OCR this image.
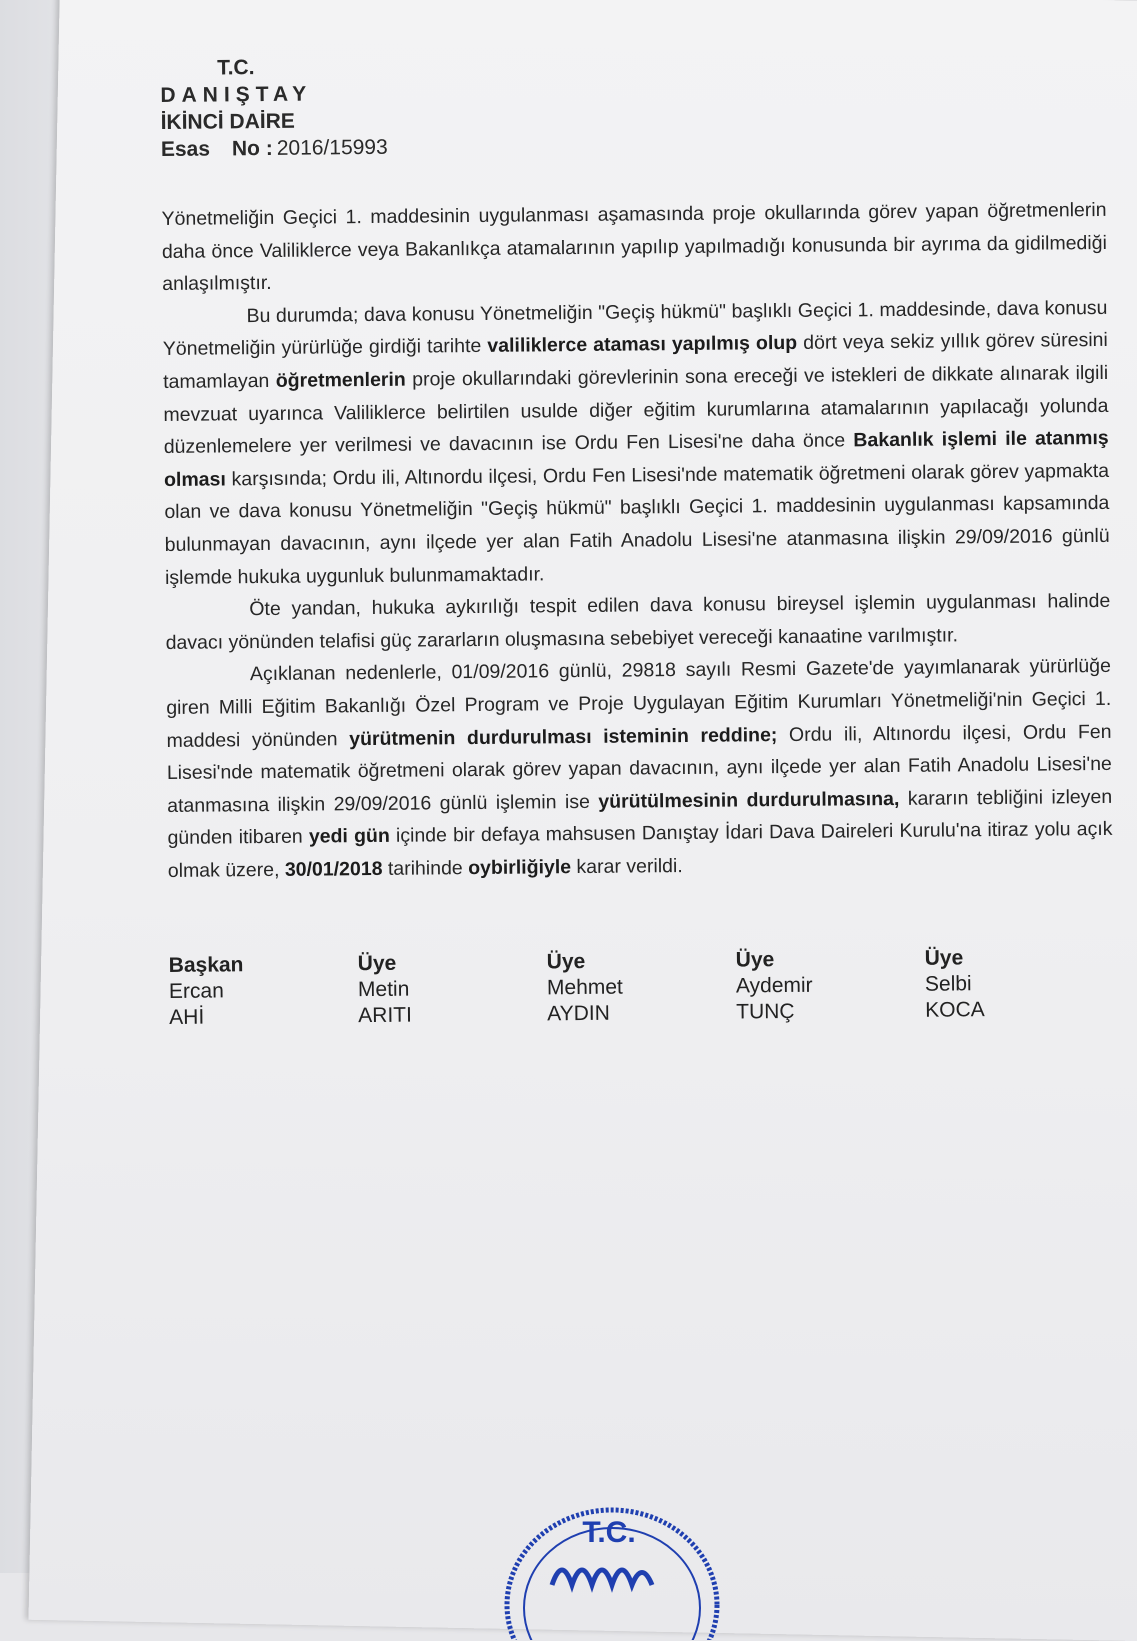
T.C.
DANIŞTAY
İKİNCİ DAİRE
Esas No : 2016/15993

Yönetmeliğin Geçici 1. maddesinin uygulanması aşamasında proje okullarında görev yapan öğretmenlerin daha önce Valiliklerce veya Bakanlıkça atamalarının yapılıp yapılmadığı konusunda bir ayrıma da gidilmediği anlaşılmıştır.

Bu durumda; dava konusu Yönetmeliğin "Geçiş hükmü" başlıklı Geçici 1. maddesinde, dava konusu Yönetmeliğin yürürlüğe girdiği tarihte valiliklerce ataması yapılmış olup dört veya sekiz yıllık görev süresini tamamlayan öğretmenlerin proje okullarındaki görevlerinin sona ereceği ve istekleri de dikkate alınarak ilgili mevzuat uyarınca Valiliklerce belirtilen usulde diğer eğitim kurumlarına atamalarının yapılacağı yolunda düzenlemelere yer verilmesi ve davacının ise Ordu Fen Lisesi'ne daha önce Bakanlık işlemi ile atanmış olması karşısında; Ordu ili, Altınordu ilçesi, Ordu Fen Lisesi'nde matematik öğretmeni olarak görev yapmakta olan ve dava konusu Yönetmeliğin "Geçiş hükmü" başlıklı Geçici 1. maddesinin uygulanması kapsamında bulunmayan davacının, aynı ilçede yer alan Fatih Anadolu Lisesi'ne atanmasına ilişkin 29/09/2016 günlü işlemde hukuka uygunluk bulunmamaktadır.

Öte yandan, hukuka aykırılığı tespit edilen dava konusu bireysel işlemin uygulanması halinde davacı yönünden telafisi güç zararların oluşmasına sebebiyet vereceği kanaatine varılmıştır.

Açıklanan nedenlerle, 01/09/2016 günlü, 29818 sayılı Resmi Gazete'de yayımlanarak yürürlüğe giren Milli Eğitim Bakanlığı Özel Program ve Proje Uygulayan Eğitim Kurumları Yönetmeliği'nin Geçici 1. maddesi yönünden yürütmenin durdurulması isteminin reddine; Ordu ili, Altınordu ilçesi, Ordu Fen Lisesi'nde matematik öğretmeni olarak görev yapan davacının, aynı ilçede yer alan Fatih Anadolu Lisesi'ne atanmasına ilişkin 29/09/2016 günlü işlemin ise yürütülmesinin durdurulmasına, kararın tebliğini izleyen günden itibaren yedi gün içinde bir defaya mahsusen Danıştay İdari Dava Daireleri Kurulu'na itiraz yolu açık olmak üzere, 30/01/2018 tarihinde oybirliğiyle karar verildi.

Başkan
Ercan
AHİ
Üye
Metin
ARITI
Üye
Mehmet
AYDIN
Üye
Aydemir
TUNÇ
Üye
Selbi
KOCA
T.C.
